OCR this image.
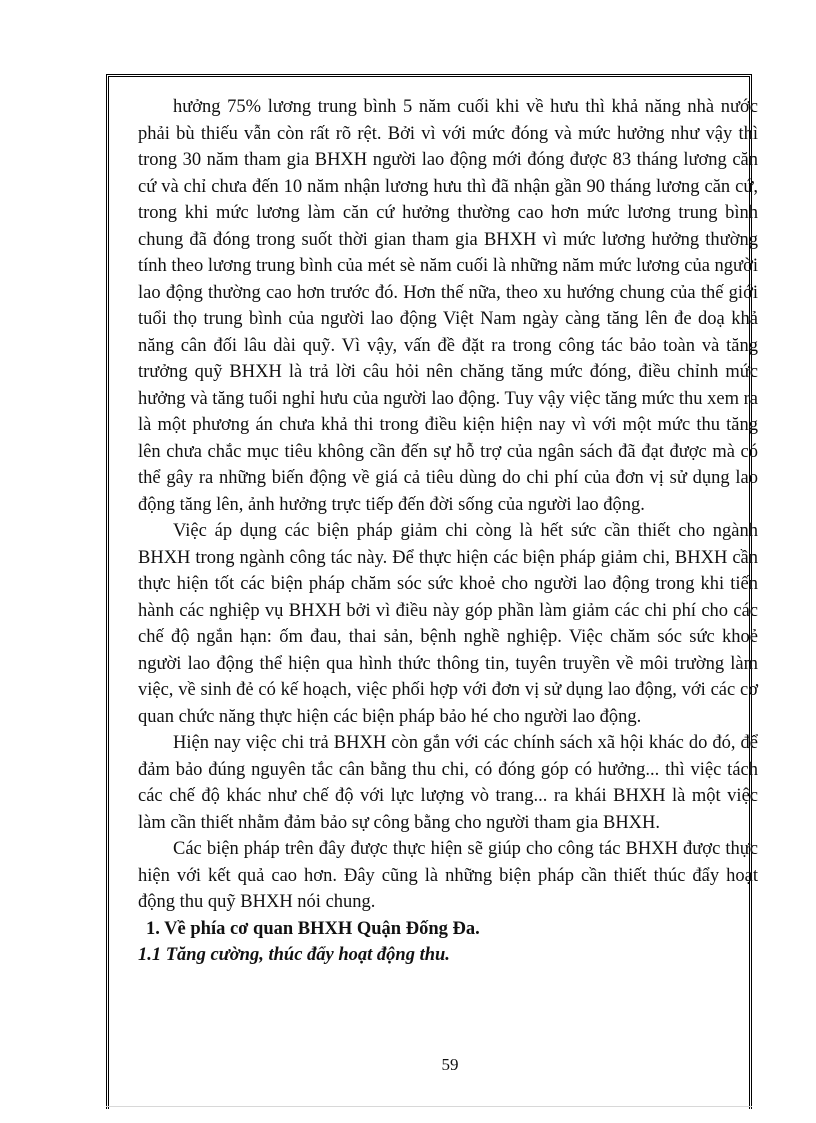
hưởng 75% lương trung bình 5 năm cuối khi về hưu thì khả năng nhà nước phải bù thiếu vẫn còn rất rõ rệt. Bởi vì với mức đóng và mức hưởng như vậy thì trong 30 năm tham gia BHXH người lao động mới đóng được 83 tháng lương căn cứ và chỉ chưa đến 10 năm nhận lương hưu thì đã nhận gần 90 tháng lương căn cứ, trong khi mức lương làm căn cứ hưởng thường cao hơn mức lương trung bình chung đã đóng trong suốt thời gian tham gia BHXH vì mức lương hưởng thường tính theo lương trung bình của mét sè năm cuối là những năm mức lương của người lao động thường cao hơn trước đó. Hơn thế nữa, theo xu hướng chung của thế giới tuổi thọ trung bình của người lao động Việt Nam ngày càng tăng lên đe doạ khả năng cân đối lâu dài quỹ. Vì vậy, vấn đề đặt ra trong công tác bảo toàn và tăng trưởng quỹ BHXH là trả lời câu hỏi nên chăng tăng mức đóng, điều chỉnh mức hưởng và tăng tuổi nghỉ hưu của người lao động. Tuy vậy việc tăng mức thu xem ra là một phương án chưa khả thi trong điều kiện hiện nay vì với một mức thu tăng lên chưa chắc mục tiêu không cần đến sự hỗ trợ của ngân sách đã đạt được mà có thể gây ra những biến động về giá cả tiêu dùng do chi phí của đơn vị sử dụng lao động tăng lên, ảnh hưởng trực tiếp đến đời sống của người lao động.

Việc áp dụng các biện pháp giảm chi còng là hết sức cần thiết cho ngành BHXH trong ngành công tác này. Để thực hiện các biện pháp giảm chi, BHXH cần thực hiện tốt các biện pháp chăm sóc sức khoẻ cho người lao động trong khi tiến hành các nghiệp vụ BHXH bởi vì điều này góp phần làm giảm các chi phí cho các chế độ ngắn hạn: ốm đau, thai sản, bệnh nghề nghiệp. Việc chăm sóc sức khoẻ người lao động thể hiện qua hình thức thông tin, tuyên truyền về môi trường làm việc, về sinh đẻ có kế hoạch, việc phối hợp với đơn vị sử dụng lao động, với các cơ quan chức năng thực hiện các biện pháp bảo hé cho người lao động.

Hiện nay việc chi trả BHXH còn gắn với các chính sách xã hội khác do đó, để đảm bảo đúng nguyên tắc cân bằng thu chi, có đóng góp có hưởng... thì việc tách các chế độ khác như chế độ với lực lượng vò trang... ra khái BHXH là một việc làm cần thiết nhằm đảm bảo sự công bằng cho người tham gia BHXH.

Các biện pháp trên đây được thực hiện sẽ giúp cho công tác BHXH được thực hiện với kết quả cao hơn. Đây cũng là những biện pháp cần thiết thúc đẩy hoạt động thu quỹ BHXH nói chung.

1. Về phía cơ quan BHXH Quận Đống Đa.

1.1 Tăng cường, thúc đẩy hoạt động thu.

59
